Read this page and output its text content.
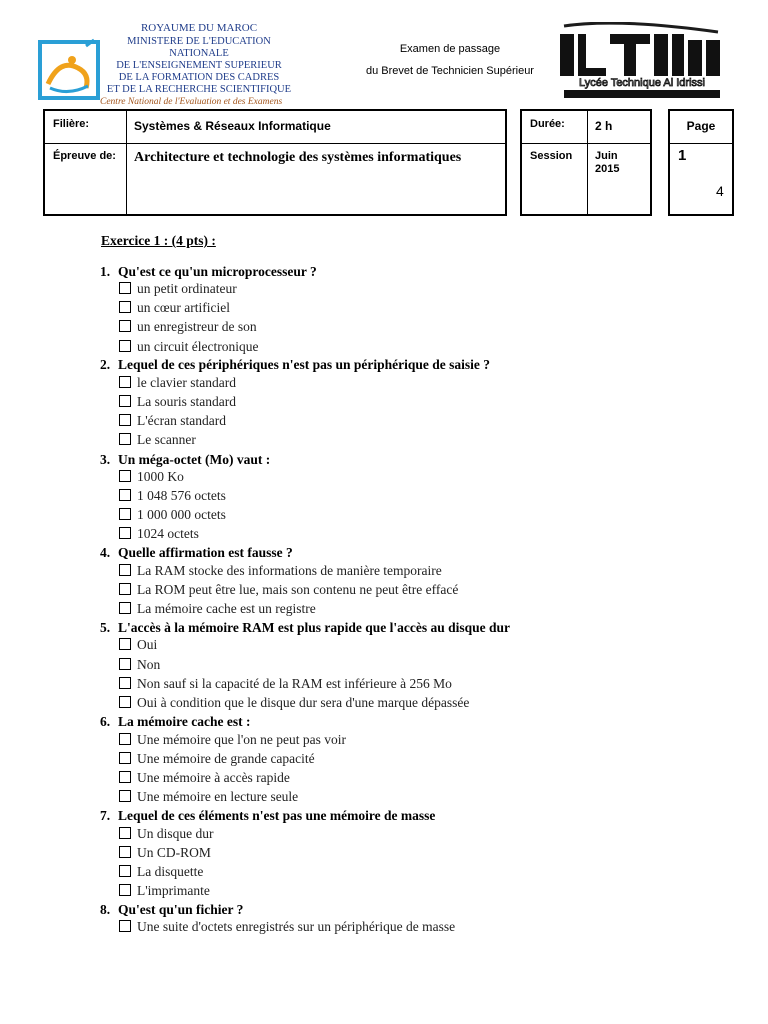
ROYAUME DU MAROC
MINISTERE DE L'EDUCATION NATIONALE
DE L'ENSEIGNEMENT SUPERIEUR
DE LA FORMATION DES CADRES
ET DE LA RECHERCHE SCIENTIFIQUE
Centre National de l'Evaluation et des Examens
Examen de passage
du Brevet de Technicien Supérieur
Lycée Technique Al Idrissi
Filière:	Systèmes & Réseaux Informatique
Épreuve de: Architecture et technologie des systèmes informatiques
Durée:	2 h
Session Juin
2015
Page
1
4
Exercice 1 : (4 pts) :
1. Qu'est ce qu'un microprocesseur ?
un petit ordinateur
un cœur artificiel
un enregistreur de son
un circuit électronique
2. Lequel de ces périphériques n'est pas un périphérique de saisie ?
le clavier standard
La souris standard
L'écran standard
Le scanner
3. Un méga-octet (Mo) vaut :
1000 Ko
1 048 576 octets
1 000 000 octets
1024 octets
4. Quelle affirmation est fausse ?
La RAM stocke des informations de manière temporaire
La ROM peut être lue, mais son contenu ne peut être effacé
La mémoire cache est un registre
5. L'accès à la mémoire RAM est plus rapide que l'accès au disque dur
Oui
Non
Non sauf si la capacité de la RAM est inférieure à 256 Mo
Oui à condition que le disque dur sera d'une marque dépassée
6. La mémoire cache est :
Une mémoire que l'on ne peut pas voir
Une mémoire de grande capacité
Une mémoire à accès rapide
Une mémoire en lecture seule
7. Lequel de ces éléments n'est pas une mémoire de masse
Un disque dur
Un CD-ROM
La disquette
L'imprimante
8. Qu'est qu'un fichier ?
Une suite d'octets enregistrés sur un périphérique de masse
